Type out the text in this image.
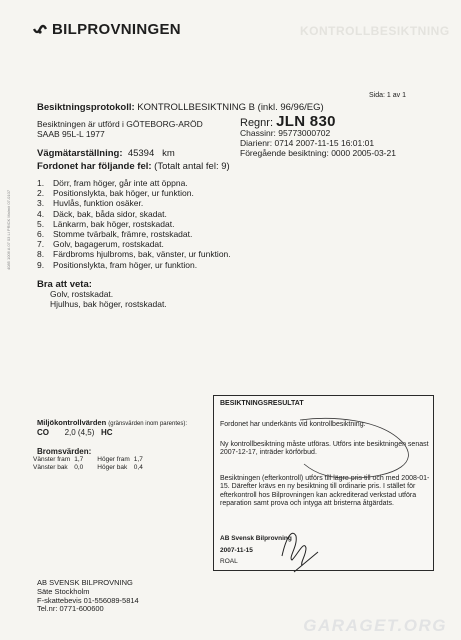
BILPROVNINGEN	KONTROLLBESIKTNING
Sida: 1 av 1
Besiktningsprotokoll: KONTROLLBESIKTNING B (inkl. 96/96/EG)
Besiktningen är utförd i GÖTEBORG-ARÖD
SAAB 95L-L 1977
Regnr: JLN 830
Chassinr: 95773000702
Diarienr: 0714 2007-11-15 16:01:01
Föregående besiktning: 0000 2005-03-21
Vägmätarställning: 45394 km
Fordonet har följande fel: (Totalt antal fel: 9)
1. Dörr, fram höger, går inte att öppna.
2. Positionslykta, bak höger, ur funktion.
3. Huvlås, funktion osäker.
4. Däck, bak, båda sidor, skadat.
5. Länkarm, bak höger, rostskadat.
6. Stomme tvärbalk, främre, rostskadat.
7. Golv, bagagerum, rostskadat.
8. Färdbroms hjulbroms, bak, vänster, ur funktion.
9. Positionslykta, fram höger, ur funktion.
Bra att veta:
Golv, rostskadat.
Hjulhus, bak höger, rostskadat.
4085 1006 A 07 03 LI PRICK Malmö 07-0107
Miljökontrollvärden (gränsvärden inom parentes):
CO 2,0 (4,5) HC
Bromsvärden:
Vänster fram	1,7	Höger fram	1,7
Vänster bak	0,0	Höger bak	0,4
BESIKTNINGSRESULTAT
Fordonet har underkänts vid kontrollbesiktning.
Ny kontrollbesiktning måste utföras. Utförs inte besiktningen senast 2007-12-17, inträder körförbud.
Besiktningen (efterkontroll) utförs till lägre pris till och med 2008-01-15. Därefter krävs en ny besiktning till ordinarie pris. I stället för efterkontroll hos Bilprovningen kan ackrediterad verkstad utföra reparation samt prova och intyga att bristerna åtgärdats.
AB Svensk Bilprovning
2007-11-15
ROAL
AB SVENSK BILPROVNING
Säte Stockholm
F-skattebevis 01-556089-5814
Tel.nr: 0771-600600
GARAGET.ORG
